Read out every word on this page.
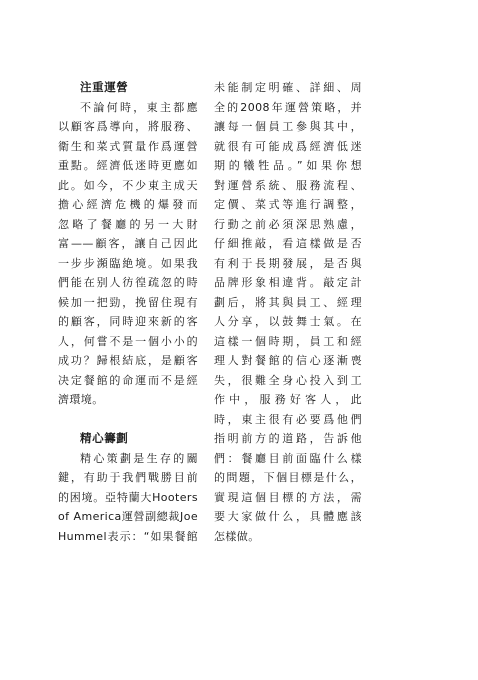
注重運營
不論何時，東主都應
以顧客爲導向，將服務、
衛生和菜式質量作爲運營
重點。經濟低迷時更應如
此。如今，不少東主成天
擔心經濟危機的爆發而
忽略了餐廳的另一大財
富——顧客，讓自己因此
一步步瀕臨絶境。如果我
們能在别人彷徨疏忽的時
候加一把勁，挽留住現有
的顧客，同時迎來新的客
人，何嘗不是一個小小的
成功？歸根結底，是顧客
决定餐館的命運而不是經
濟環境。
精心籌劃
精心策劃是生存的關
鍵，有助于我們戰勝目前
的困境。亞特蘭大Hooters
of America運營副總裁Joe
Hummel表示：“如果餐館
未能制定明確、詳細、周
全的2008年運營策略，并
讓每一個員工參與其中，
就很有可能成爲經濟低迷
期的犧牲品。”如果你想
對運營系統、服務流程、
定價、菜式等進行調整，
行動之前必須深思熟慮，
仔細推敲，看這樣做是否
有利于長期發展，是否與
品牌形象相違背。敲定計
劃后，將其與員工、經理
人分享，以鼓舞士氣。在
這樣一個時期，員工和經
理人對餐館的信心逐漸喪
失，很難全身心投入到工
作中，服務好客人，此
時，東主很有必要爲他們
指明前方的道路，告訴他
們：餐廳目前面臨什么樣
的問題，下個目標是什么，
實現這個目標的方法，需
要大家做什么，具體應該
怎樣做。
